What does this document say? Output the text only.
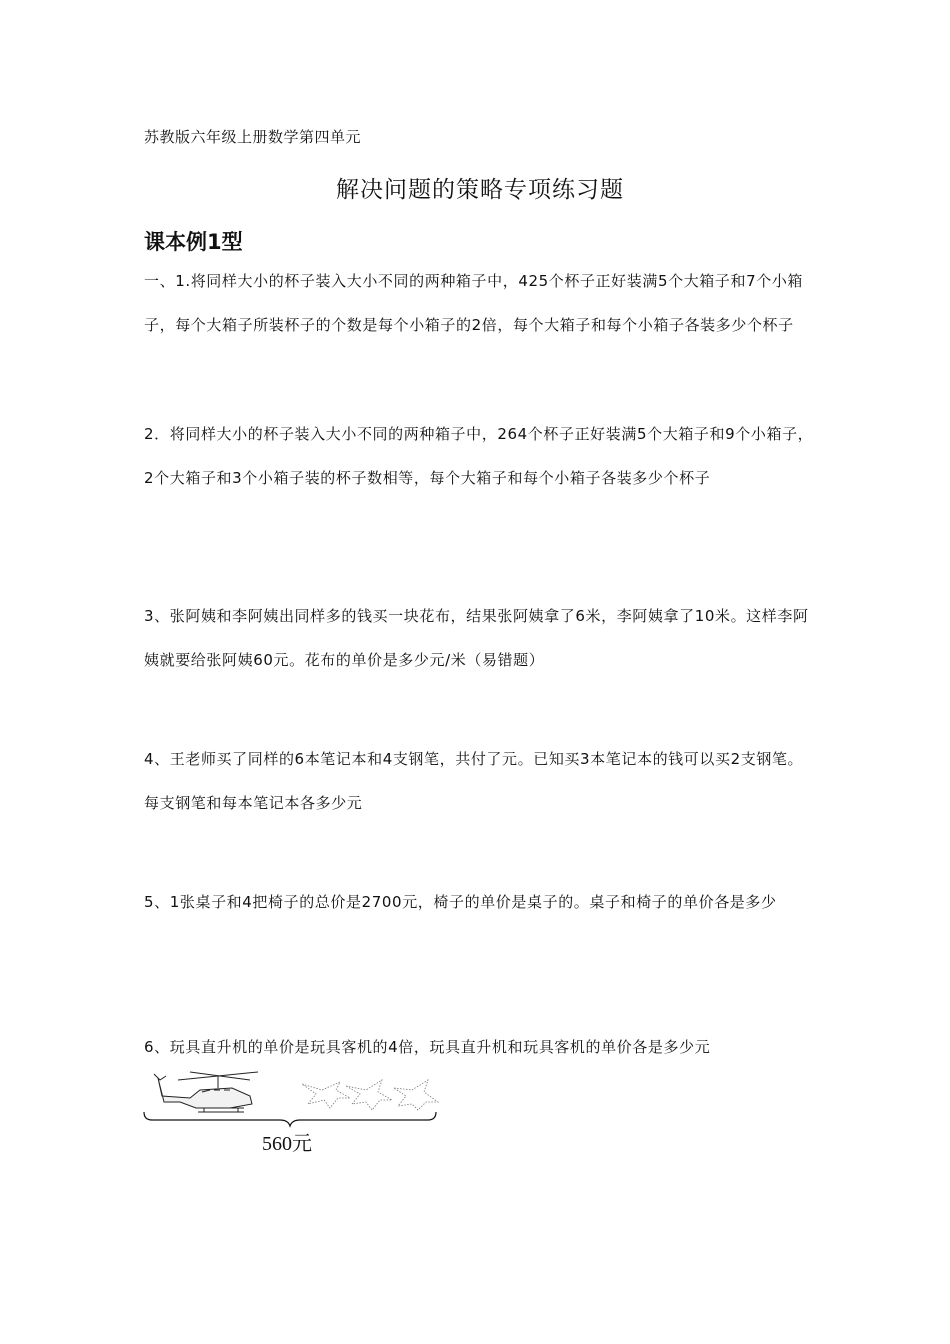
苏教版六年级上册数学第四单元
解决问题的策略专项练习题
课本例1型

一、1.将同样大小的杯子装入大小不同的两种箱子中，425个杯子正好装满5个大箱子和7个小箱子，每个大箱子所装杯子的个数是每个小箱子的2倍，每个大箱子和每个小箱子各装多少个杯子

2．将同样大小的杯子装入大小不同的两种箱子中，264个杯子正好装满5个大箱子和9个小箱子，2个大箱子和3个小箱子装的杯子数相等，每个大箱子和每个小箱子各装多少个杯子

3、张阿姨和李阿姨出同样多的钱买一块花布，结果张阿姨拿了6米，李阿姨拿了10米。这样李阿姨就要给张阿姨60元。花布的单价是多少元/米（易错题）

4、王老师买了同样的6本笔记本和4支钢笔，共付了元。已知买3本笔记本的钱可以买2支钢笔。每支钢笔和每本笔记本各多少元

5、1张桌子和4把椅子的总价是2700元，椅子的单价是桌子的。桌子和椅子的单价各是多少

6、玩具直升机的单价是玩具客机的4倍，玩具直升机和玩具客机的单价各是多少元

560元
